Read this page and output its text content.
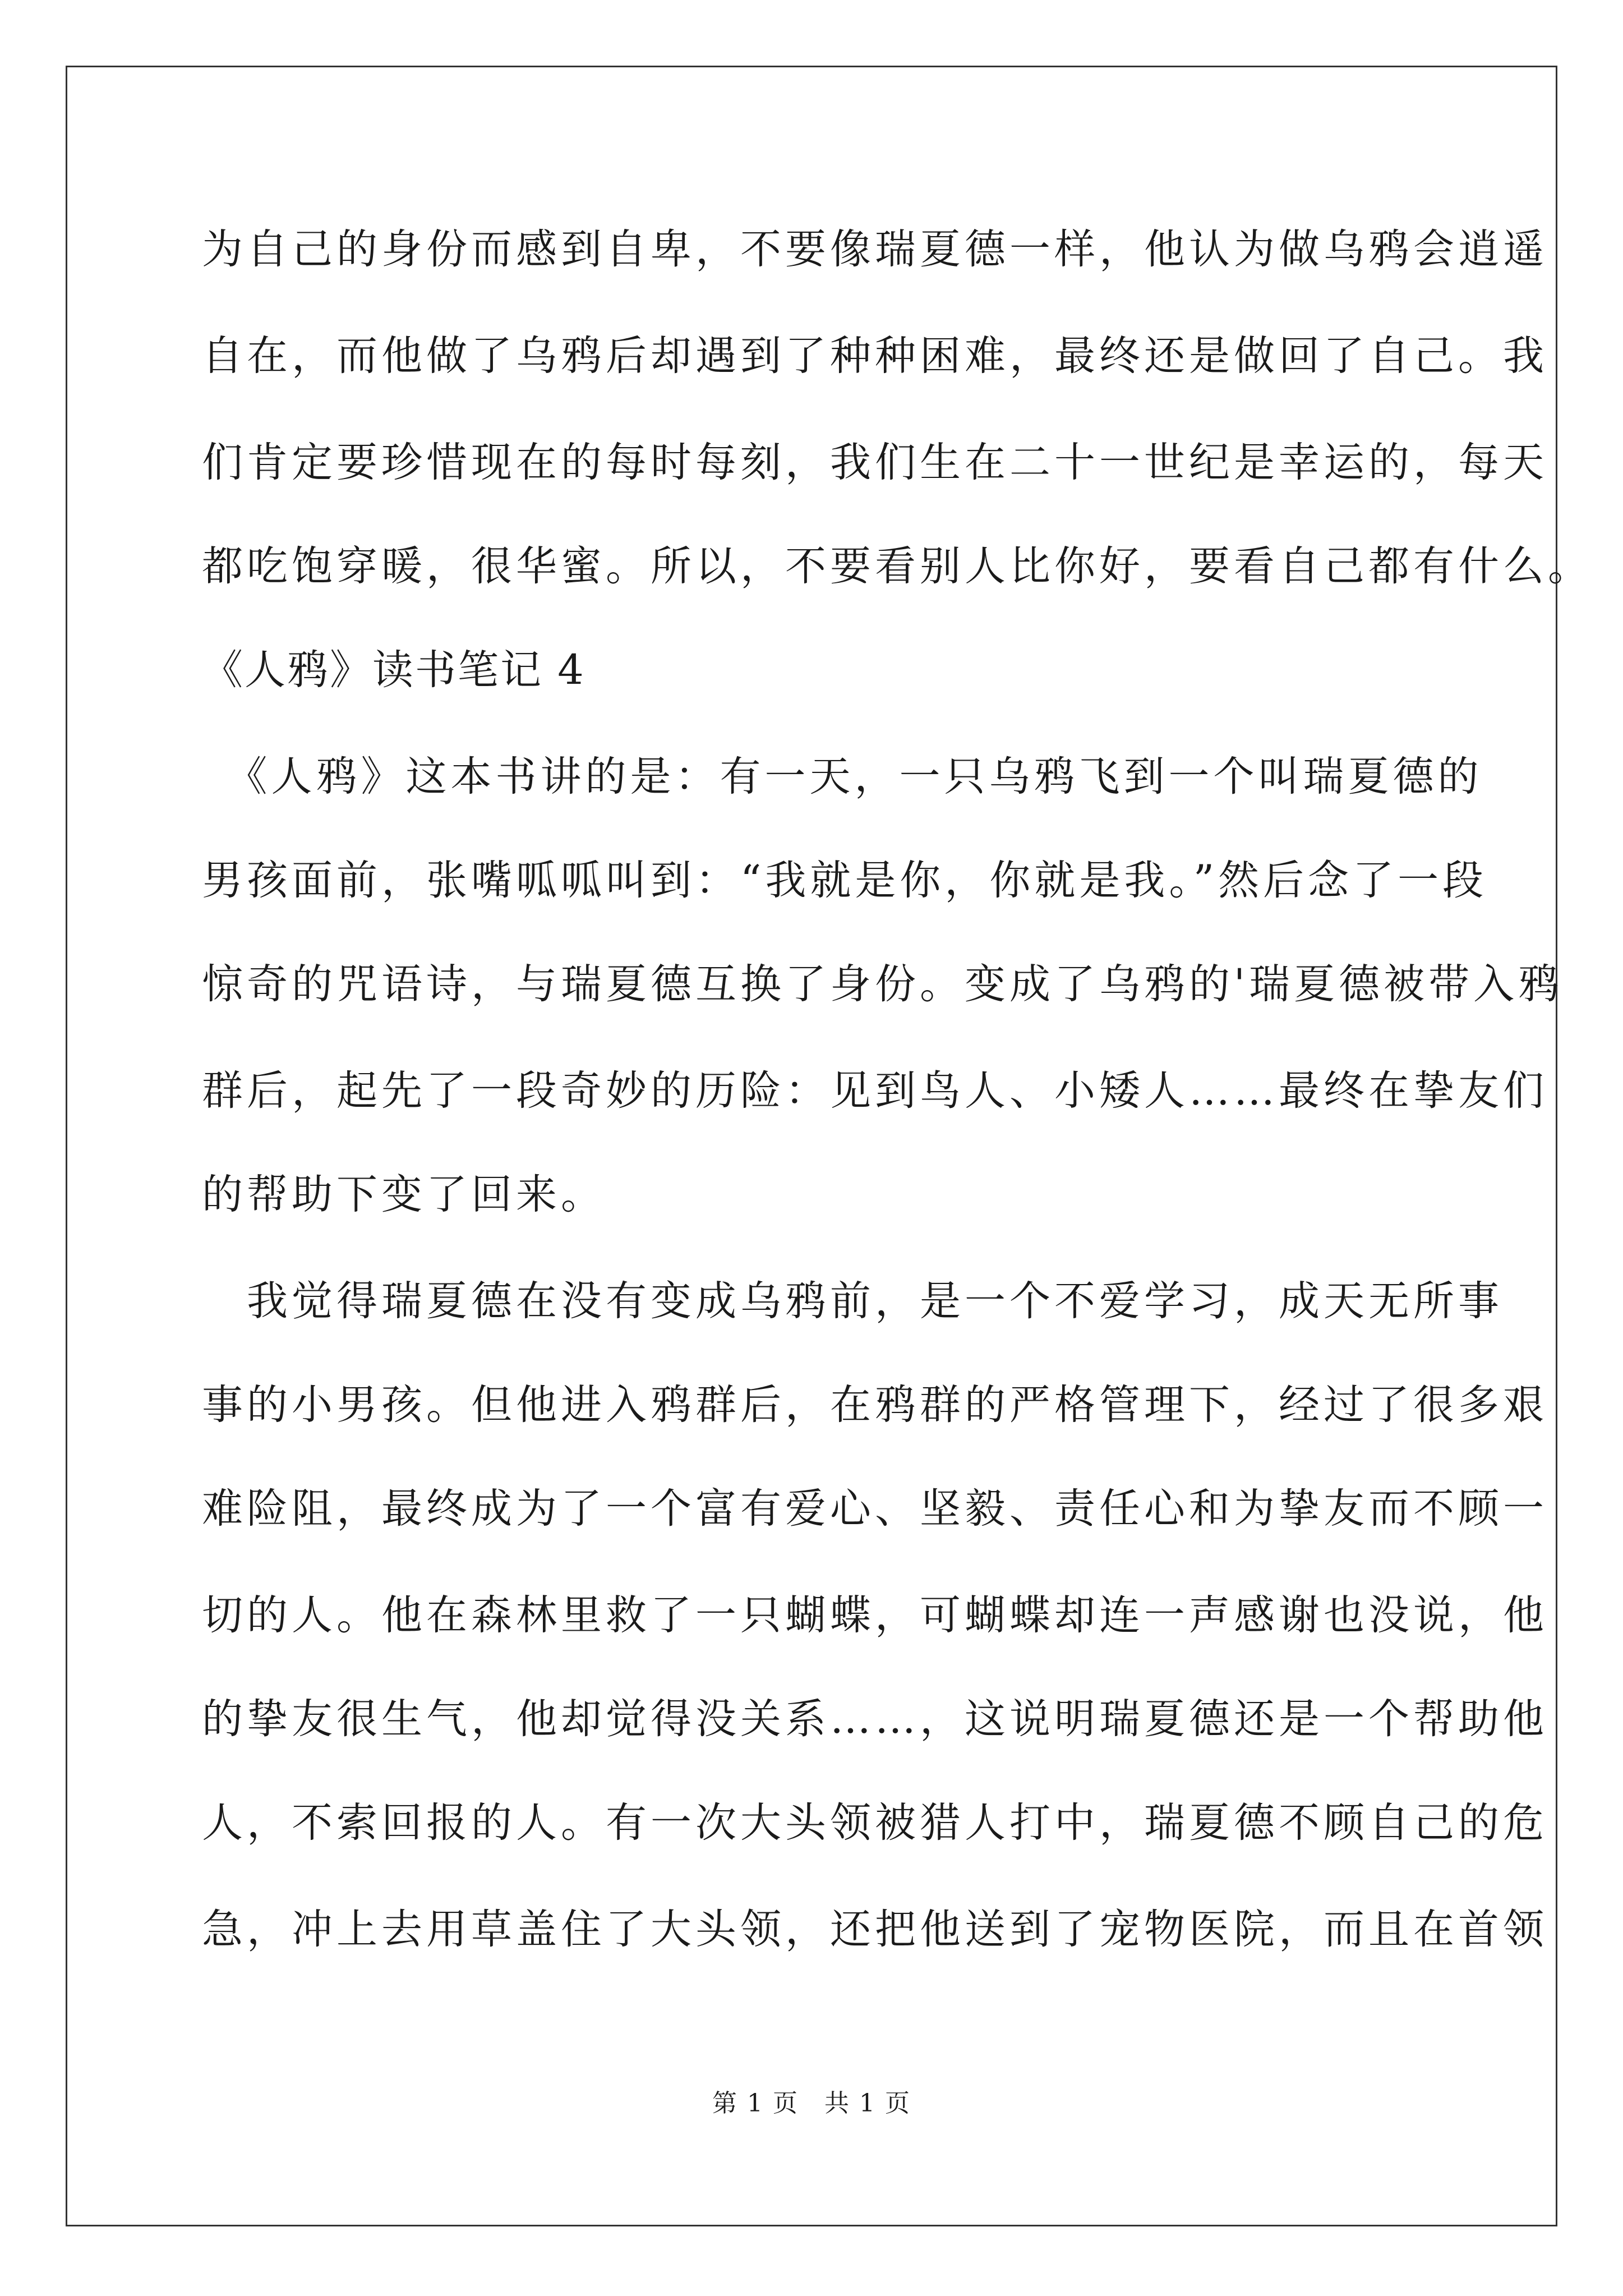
为自己的身份而感到自卑，不要像瑞夏德一样，他认为做乌鸦会逍遥
自在，而他做了乌鸦后却遇到了种种困难，最终还是做回了自己。我
们肯定要珍惜现在的每时每刻，我们生在二十一世纪是幸运的，每天
都吃饱穿暖，很华蜜。所以，不要看别人比你好，要看自己都有什么。
《人鸦》读书笔记 4
　《人鸦》这本书讲的是：有一天，一只乌鸦飞到一个叫瑞夏德的
男孩面前，张嘴呱呱叫到：“我就是你，你就是我。”然后念了一段
惊奇的咒语诗，与瑞夏德互换了身份。变成了乌鸦的'瑞夏德被带入鸦
群后，起先了一段奇妙的历险：见到鸟人、小矮人……最终在挚友们
的帮助下变了回来。
　我觉得瑞夏德在没有变成乌鸦前，是一个不爱学习，成天无所事
事的小男孩。但他进入鸦群后，在鸦群的严格管理下，经过了很多艰
难险阻，最终成为了一个富有爱心、坚毅、责任心和为挚友而不顾一
切的人。他在森林里救了一只蝴蝶，可蝴蝶却连一声感谢也没说，他
的挚友很生气，他却觉得没关系……，这说明瑞夏德还是一个帮助他
人，不索回报的人。有一次大头领被猎人打中，瑞夏德不顾自己的危
急，冲上去用草盖住了大头领，还把他送到了宠物医院，而且在首领
第 1 页　共 1 页
